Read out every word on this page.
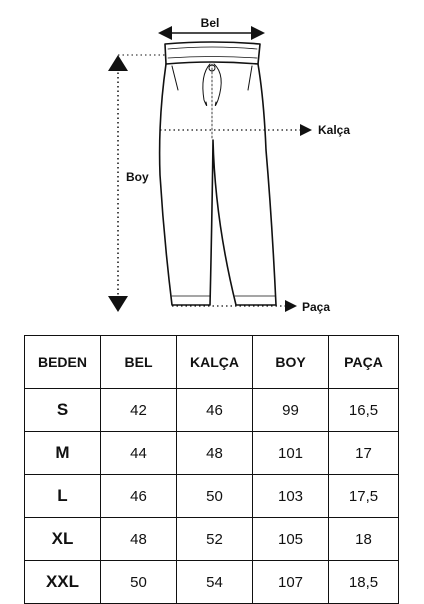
Bel
Boy
Kalça
Paça
BEDEN	BEL	KALÇA	BOY	PAÇA
S	42	46	99	16,5
M	44	48	101	17
L	46	50	103	17,5
XL	48	52	105	18
XXL	50	54	107	18,5
